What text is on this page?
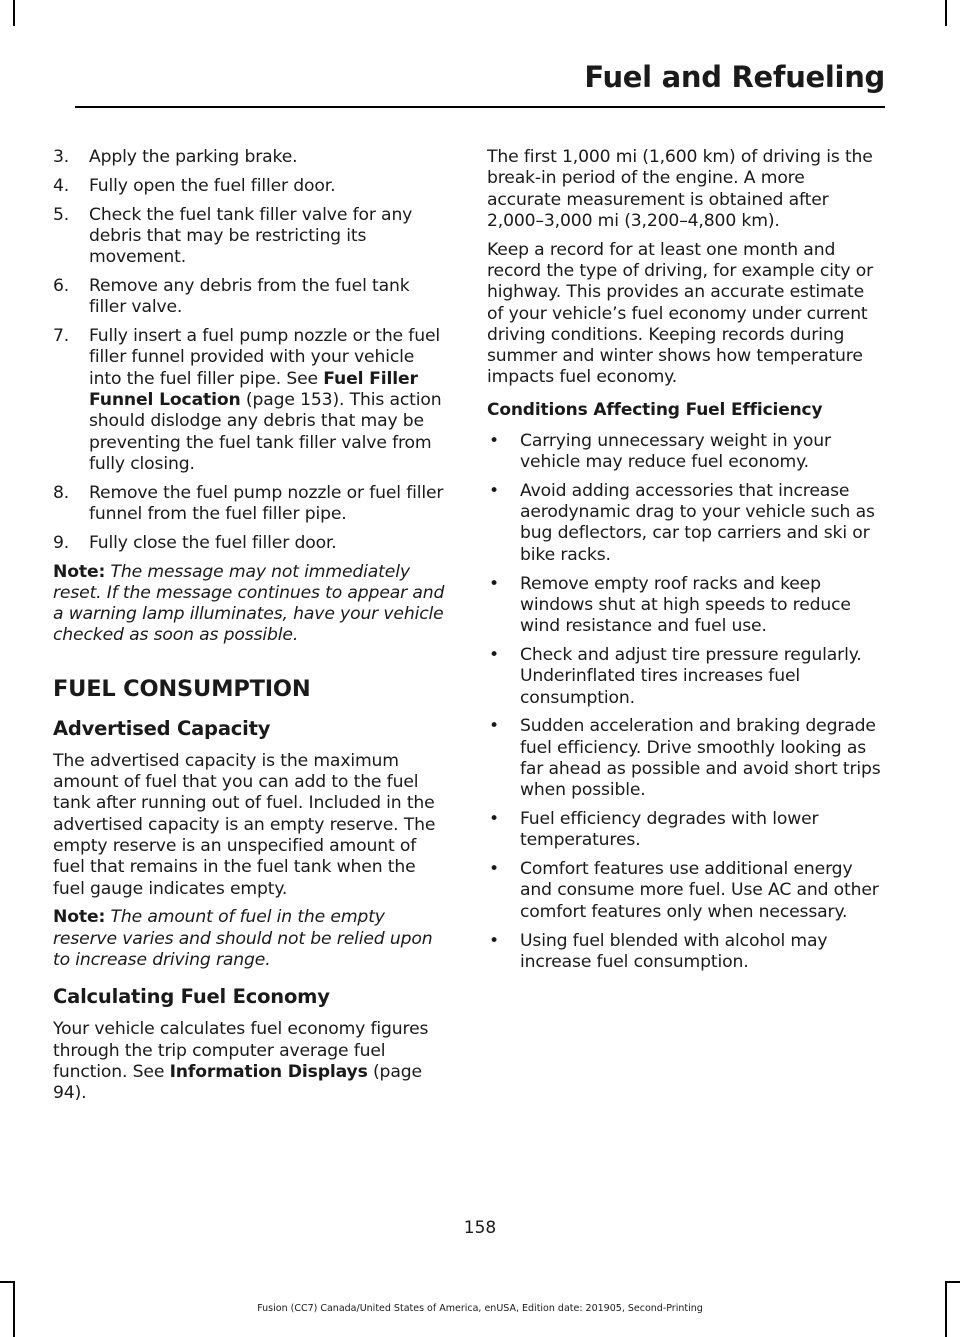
Fuel and Refueling
3.	Apply the parking brake.
4.	Fully open the fuel filler door.
5.	Check the fuel tank filler valve for any debris that may be restricting its movement.
6.	Remove any debris from the fuel tank filler valve.
7.	Fully insert a fuel pump nozzle or the fuel filler funnel provided with your vehicle into the fuel filler pipe. See Fuel Filler Funnel Location (page 153). This action should dislodge any debris that may be preventing the fuel tank filler valve from fully closing.
8.	Remove the fuel pump nozzle or fuel filler funnel from the fuel filler pipe.
9.	Fully close the fuel filler door.

Note: The message may not immediately reset. If the message continues to appear and a warning lamp illuminates, have your vehicle checked as soon as possible.

FUEL CONSUMPTION
Advertised Capacity

The advertised capacity is the maximum amount of fuel that you can add to the fuel tank after running out of fuel. Included in the advertised capacity is an empty reserve. The empty reserve is an unspecified amount of fuel that remains in the fuel tank when the fuel gauge indicates empty.

Note: The amount of fuel in the empty reserve varies and should not be relied upon to increase driving range.

Calculating Fuel Economy

Your vehicle calculates fuel economy figures through the trip computer average fuel function. See Information Displays (page 94).

The first 1,000 mi (1,600 km) of driving is the break-in period of the engine. A more accurate measurement is obtained after 2,000–3,000 mi (3,200–4,800 km).

Keep a record for at least one month and record the type of driving, for example city or highway. This provides an accurate estimate of your vehicle’s fuel economy under current driving conditions. Keeping records during summer and winter shows how temperature impacts fuel economy.

Conditions Affecting Fuel Efficiency
•	Carrying unnecessary weight in your vehicle may reduce fuel economy.
•	Avoid adding accessories that increase aerodynamic drag to your vehicle such as bug deflectors, car top carriers and ski or bike racks.
•	Remove empty roof racks and keep windows shut at high speeds to reduce wind resistance and fuel use.
•	Check and adjust tire pressure regularly. Underinflated tires increases fuel consumption.
•	Sudden acceleration and braking degrade fuel efficiency. Drive smoothly looking as far ahead as possible and avoid short trips when possible.
•	Fuel efficiency degrades with lower temperatures.
•	Comfort features use additional energy and consume more fuel. Use AC and other comfort features only when necessary.
•	Using fuel blended with alcohol may increase fuel consumption.
158
Fusion (CC7) Canada/United States of America, enUSA, Edition date: 201905, Second-Printing
